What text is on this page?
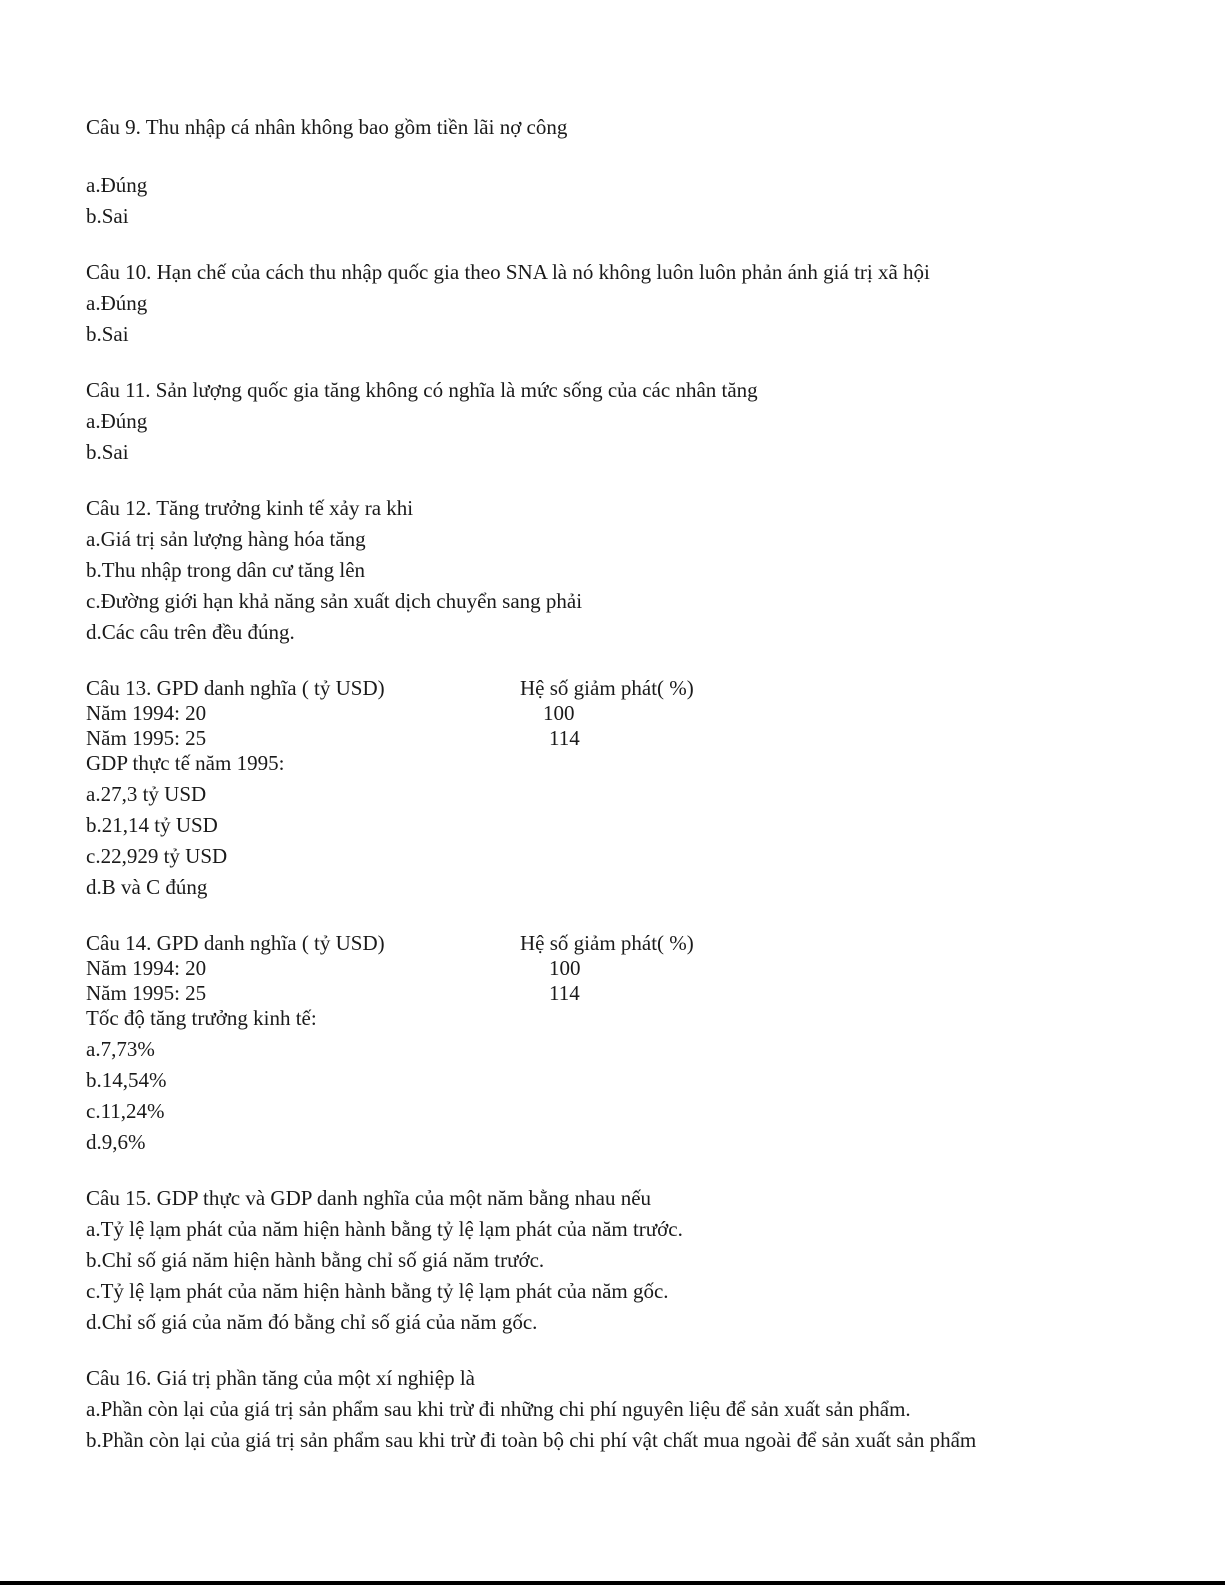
Câu 9. Thu nhập cá nhân không bao gồm tiền lãi nợ công
a.Đúng
b.Sai
Câu 10. Hạn chế của cách thu nhập quốc gia theo SNA là nó không luôn luôn phản ánh giá trị xã hội
a.Đúng
b.Sai
Câu 11. Sản lượng quốc gia tăng không có nghĩa là mức sống của các nhân tăng
a.Đúng
b.Sai
Câu 12. Tăng trưởng kinh tế xảy ra khi
a.Giá trị sản lượng hàng hóa tăng
b.Thu nhập trong dân cư tăng lên
c.Đường giới hạn khả năng sản xuất dịch chuyển sang phải
d.Các câu trên đều đúng.
Câu 13. GPD danh nghĩa ( tỷ USD)	Hệ số giảm phát( %)
Năm 1994: 20	100
Năm 1995: 25	114
GDP thực tế năm 1995:
a.27,3 tỷ USD
b.21,14 tỷ USD
c.22,929 tỷ USD
d.B và C đúng
Câu 14. GPD danh nghĩa ( tỷ USD)	Hệ số giảm phát( %)
Năm 1994: 20	100
Năm 1995: 25	114
Tốc độ tăng trưởng kinh tế:
a.7,73%
b.14,54%
c.11,24%
d.9,6%
Câu 15. GDP thực và GDP danh nghĩa của một năm bằng nhau nếu
a.Tỷ lệ lạm phát của năm hiện hành bằng tỷ lệ lạm phát của năm trước.
b.Chỉ số giá năm hiện hành bằng chỉ số giá năm trước.
c.Tỷ lệ lạm phát của năm hiện hành bằng tỷ lệ lạm phát của năm gốc.
d.Chỉ số giá của năm đó bằng chỉ số giá của năm gốc.
Câu 16. Giá trị phần tăng của một xí nghiệp là
a.Phần còn lại của giá trị sản phẩm sau khi trừ đi những chi phí nguyên liệu để sản xuất sản phẩm.
b.Phần còn lại của giá trị sản phẩm sau khi trừ đi toàn bộ chi phí vật chất mua ngoài để sản xuất sản phẩm
